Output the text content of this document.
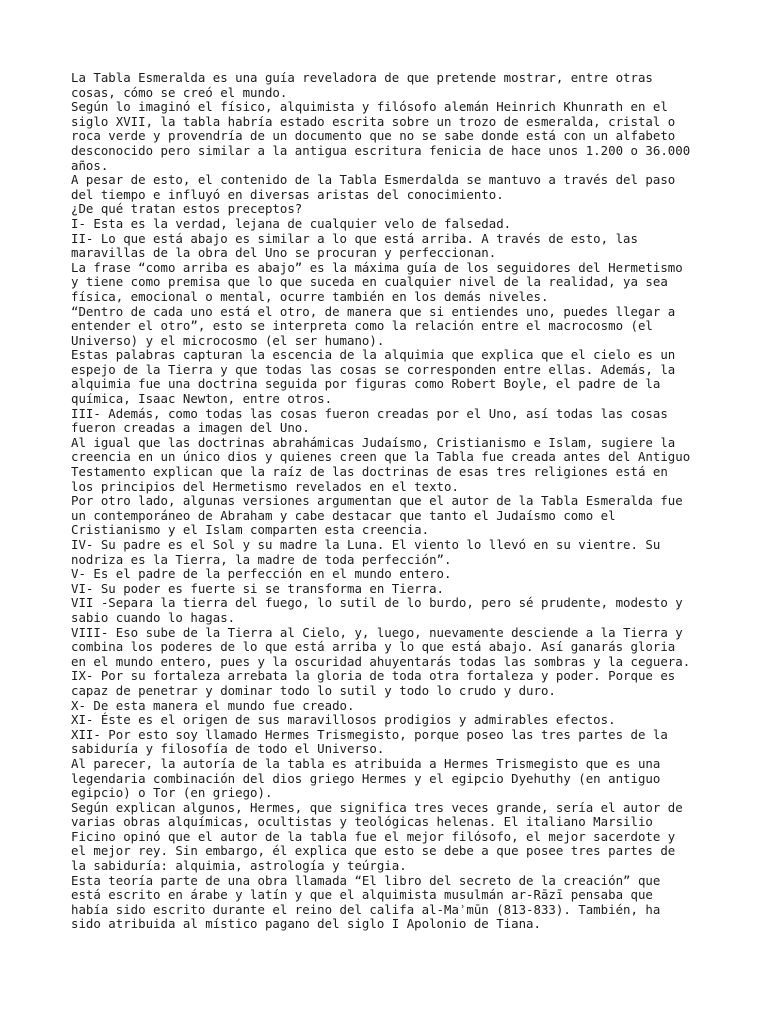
La Tabla Esmeralda es una guía reveladora de que pretende mostrar, entre otras
cosas, cómo se creó el mundo.

Según lo imaginó el físico, alquimista y filósofo alemán Heinrich Khunrath en el
siglo XVII, la tabla habría estado escrita sobre un trozo de esmeralda, cristal o
roca verde y provendría de un documento que no se sabe donde está con un alfabeto
desconocido pero similar a la antigua escritura fenicia de hace unos 1.200 o 36.000
años.

A pesar de esto, el contenido de la Tabla Esmerdalda se mantuvo a través del paso
del tiempo e influyó en diversas aristas del conocimiento.

¿De qué tratan estos preceptos?

I- Esta es la verdad, lejana de cualquier velo de falsedad.

II- Lo que está abajo es similar a lo que está arriba. A través de esto, las
maravillas de la obra del Uno se procuran y perfeccionan.

La frase “como arriba es abajo” es la máxima guía de los seguidores del Hermetismo
y tiene como premisa que lo que suceda en cualquier nivel de la realidad, ya sea
física, emocional o mental, ocurre también en los demás niveles.

“Dentro de cada uno está el otro, de manera que si entiendes uno, puedes llegar a
entender el otro”, esto se interpreta como la relación entre el macrocosmo (el
Universo) y el microcosmo (el ser humano).

Estas palabras capturan la escencia de la alquimia que explica que el cielo es un
espejo de la Tierra y que todas las cosas se corresponden entre ellas. Además, la
alquimia fue una doctrina seguida por figuras como Robert Boyle, el padre de la
química, Isaac Newton, entre otros.

III- Además, como todas las cosas fueron creadas por el Uno, así todas las cosas
fueron creadas a imagen del Uno.

Al igual que las doctrinas abrahámicas Judaísmo, Cristianismo e Islam, sugiere la
creencia en un único dios y quienes creen que la Tabla fue creada antes del Antiguo
Testamento explican que la raíz de las doctrinas de esas tres religiones está en
los principios del Hermetismo revelados en el texto.

Por otro lado, algunas versiones argumentan que el autor de la Tabla Esmeralda fue
un contemporáneo de Abraham y cabe destacar que tanto el Judaísmo como el
Cristianismo y el Islam comparten esta creencia.

IV- Su padre es el Sol y su madre la Luna. El viento lo llevó en su vientre. Su
nodriza es la Tierra, la madre de toda perfección”.

V- Es el padre de la perfección en el mundo entero.

VI- Su poder es fuerte si se transforma en Tierra.

VII -Separa la tierra del fuego, lo sutil de lo burdo, pero sé prudente, modesto y
sabio cuando lo hagas.

VIII- Eso sube de la Tierra al Cielo, y, luego, nuevamente desciende a la Tierra y
combina los poderes de lo que está arriba y lo que está abajo. Así ganarás gloria
en el mundo entero, pues y la oscuridad ahuyentarás todas las sombras y la ceguera.

IX- Por su fortaleza arrebata la gloria de toda otra fortaleza y poder. Porque es
capaz de penetrar y dominar todo lo sutil y todo lo crudo y duro.

X- De esta manera el mundo fue creado.

XI- Éste es el origen de sus maravillosos prodigios y admirables efectos.

XII- Por esto soy llamado Hermes Trismegisto, porque poseo las tres partes de la
sabiduría y filosofía de todo el Universo.

Al parecer, la autoría de la tabla es atribuida a Hermes Trismegisto que es una
legendaria combinación del dios griego Hermes y el egipcio Dyehuthy (en antiguo
egipcio) o Tor (en griego).

Según explican algunos, Hermes, que significa tres veces grande, sería el autor de
varias obras alquímicas, ocultistas y teológicas helenas. El italiano Marsilio
Ficino opinó que el autor de la tabla fue el mejor filósofo, el mejor sacerdote y
el mejor rey. Sin embargo, él explica que esto se debe a que posee tres partes de
la sabiduría: alquimia, astrología y teúrgia.

Esta teoría parte de una obra llamada “El libro del secreto de la creación” que
está escrito en árabe y latín y que el alquimista musulmán ar-Rāzī pensaba que
había sido escrito durante el reino del califa al-Maʾmūn (813-833). También, ha
sido atribuida al místico pagano del siglo I Apolonio de Tiana.
